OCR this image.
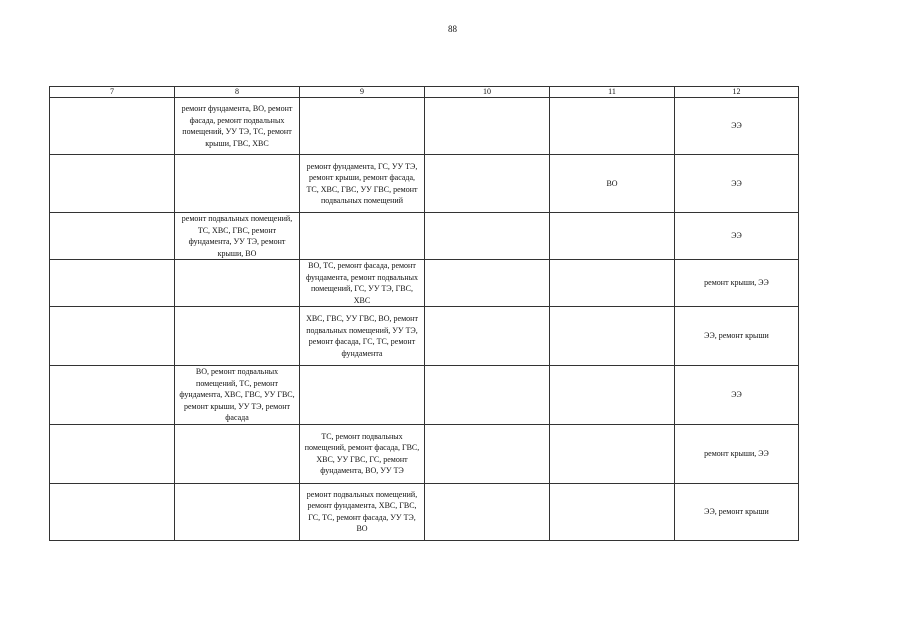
88
7	8	9	10	11	12
	ремонт фундамента, ВО, ремонт фасада, ремонт подвальных помещений, УУ ТЭ, ТС, ремонт крыши, ГВС, ХВС				ЭЭ
		ремонт фундамента, ГС, УУ ТЭ, ремонт крыши, ремонт фасада, ТС, ХВС, ГВС, УУ ГВС, ремонт подвальных помещений		ВО	ЭЭ
	ремонт подвальных помещений, ТС, ХВС, ГВС, ремонт фундамента, УУ ТЭ, ремонт крыши, ВО				ЭЭ
		ВО, ТС, ремонт фасада, ремонт фундамента, ремонт подвальных помещений, ГС, УУ ТЭ, ГВС, ХВС			ремонт крыши, ЭЭ
		ХВС, ГВС, УУ ГВС, ВО, ремонт подвальных помещений, УУ ТЭ, ремонт фасада, ГС, ТС, ремонт фундамента			ЭЭ, ремонт крыши
	ВО, ремонт подвальных помещений, ТС, ремонт фундамента, ХВС, ГВС, УУ ГВС, ремонт крыши, УУ ТЭ, ремонт фасада				ЭЭ
		ТС, ремонт подвальных помещений, ремонт фасада, ГВС, ХВС, УУ ГВС, ГС, ремонт фундамента, ВО, УУ ТЭ			ремонт крыши, ЭЭ
		ремонт подвальных помещений, ремонт фундамента, ХВС, ГВС, ГС, ТС, ремонт фасада, УУ ТЭ, ВО			ЭЭ, ремонт крыши
